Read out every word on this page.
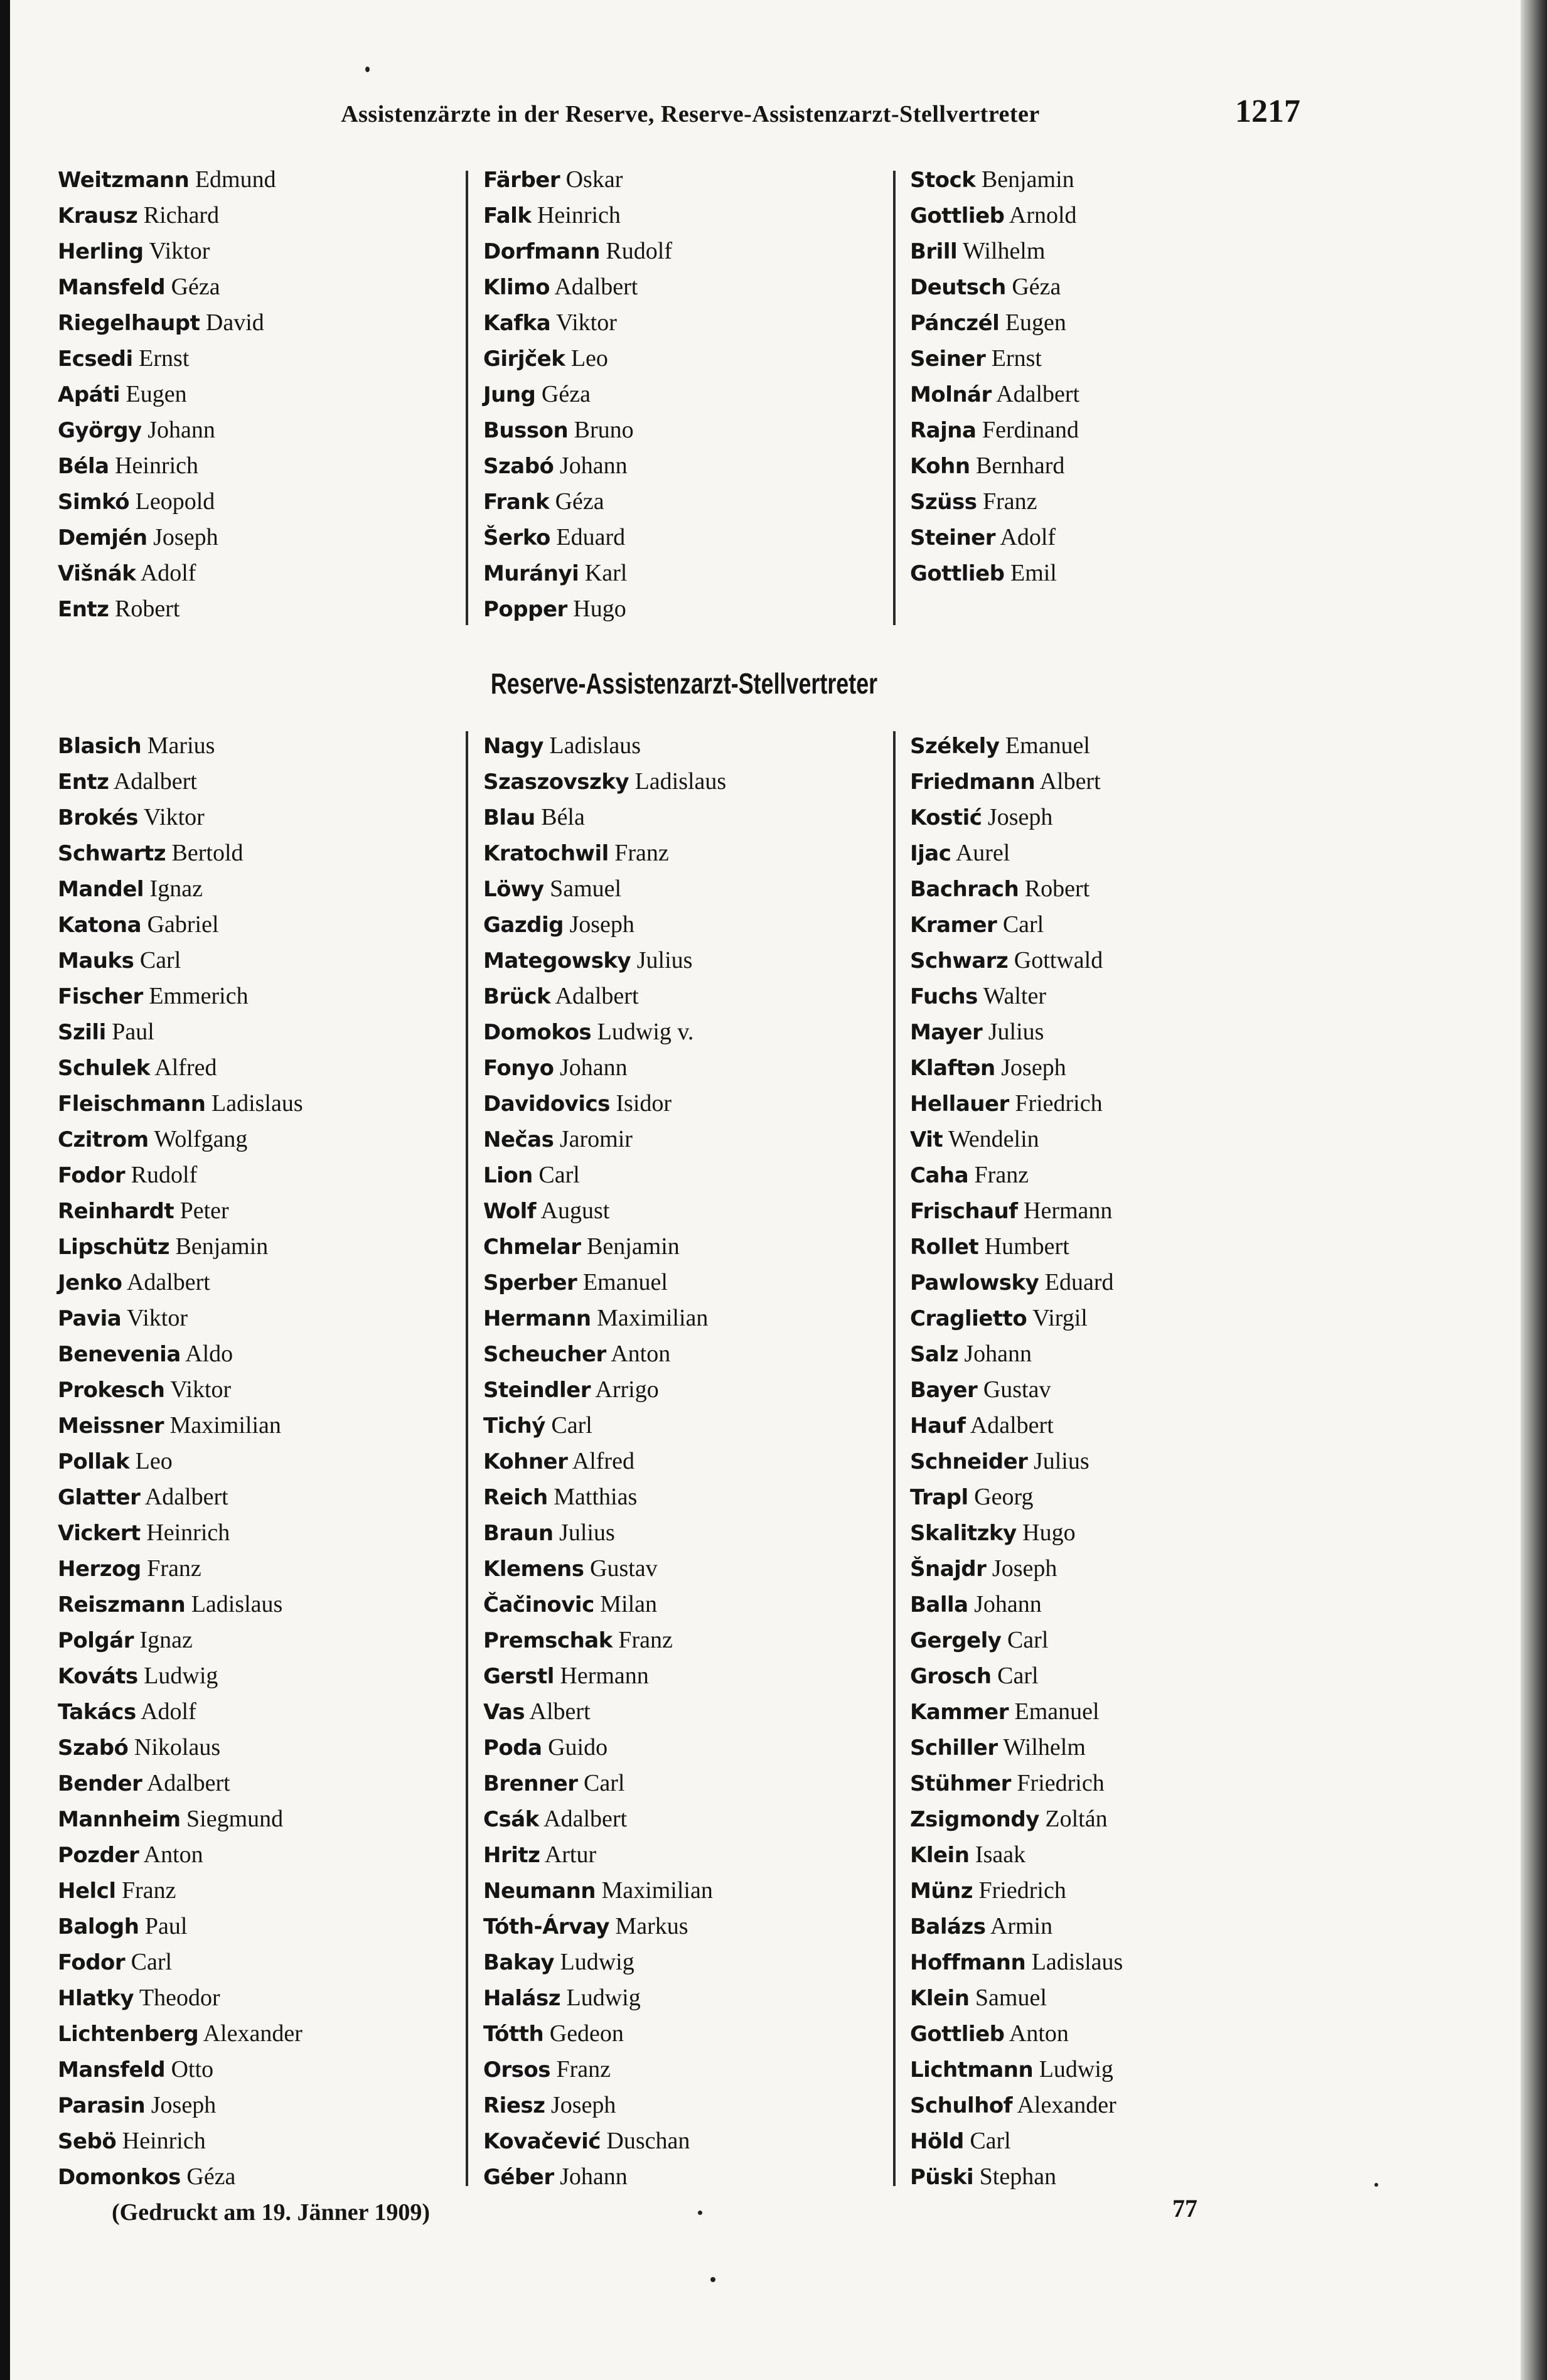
Assistenzärzte in der Reserve, Reserve-Assistenzarzt-Stellvertreter	1217
Weitzmann Edmund
Krausz Richard
Herling Viktor
Mansfeld Géza
Riegelhaupt David
Ecsedi Ernst
Apáti Eugen
György Johann
Béla Heinrich
Simkó Leopold
Demjén Joseph
Višnák Adolf
Entz Robert
Färber Oskar
Falk Heinrich
Dorfmann Rudolf
Klimo Adalbert
Kafka Viktor
Girjček Leo
Jung Géza
Busson Bruno
Szabó Johann
Frank Géza
Šerko Eduard
Murányi Karl
Popper Hugo
Stock Benjamin
Gottlieb Arnold
Brill Wilhelm
Deutsch Géza
Pánczél Eugen
Seiner Ernst
Molnár Adalbert
Rajna Ferdinand
Kohn Bernhard
Szüss Franz
Steiner Adolf
Gottlieb Emil
Reserve-Assistenzarzt-Stellvertreter
Blasich Marius
Entz Adalbert
Brokés Viktor
Schwartz Bertold
Mandel Ignaz
Katona Gabriel
Mauks Carl
Fischer Emmerich
Szili Paul
Schulek Alfred
Fleischmann Ladislaus
Czitrom Wolfgang
Fodor Rudolf
Reinhardt Peter
Lipschütz Benjamin
Jenko Adalbert
Pavia Viktor
Benevenia Aldo
Prokesch Viktor
Meissner Maximilian
Pollak Leo
Glatter Adalbert
Vickert Heinrich
Herzog Franz
Reiszmann Ladislaus
Polgár Ignaz
Kováts Ludwig
Takács Adolf
Szabó Nikolaus
Bender Adalbert
Mannheim Siegmund
Pozder Anton
Helcl Franz
Balogh Paul
Fodor Carl
Hlatky Theodor
Lichtenberg Alexander
Mansfeld Otto
Parasin Joseph
Sebö Heinrich
Domonkos Géza
Nagy Ladislaus
Szaszovszky Ladislaus
Blau Béla
Kratochwil Franz
Löwy Samuel
Gazdig Joseph
Mategowsky Julius
Brück Adalbert
Domokos Ludwig v.
Fonyo Johann
Davidovics Isidor
Nečas Jaromir
Lion Carl
Wolf August
Chmelar Benjamin
Sperber Emanuel
Hermann Maximilian
Scheucher Anton
Steindler Arrigo
Tichý Carl
Kohner Alfred
Reich Matthias
Braun Julius
Klemens Gustav
Čačinovic Milan
Premschak Franz
Gerstl Hermann
Vas Albert
Poda Guido
Brenner Carl
Csák Adalbert
Hritz Artur
Neumann Maximilian
Tóth-Árvay Markus
Bakay Ludwig
Halász Ludwig
Tótth Gedeon
Orsos Franz
Riesz Joseph
Kovačević Duschan
Géber Johann
Székely Emanuel
Friedmann Albert
Kostić Joseph
Ijac Aurel
Bachrach Robert
Kramer Carl
Schwarz Gottwald
Fuchs Walter
Mayer Julius
Klaftən Joseph
Hellauer Friedrich
Vit Wendelin
Caha Franz
Frischauf Hermann
Rollet Humbert
Pawlowsky Eduard
Craglietto Virgil
Salz Johann
Bayer Gustav
Hauf Adalbert
Schneider Julius
Trapl Georg
Skalitzky Hugo
Šnajdr Joseph
Balla Johann
Gergely Carl
Grosch Carl
Kammer Emanuel
Schiller Wilhelm
Stühmer Friedrich
Zsigmondy Zoltán
Klein Isaak
Münz Friedrich
Balázs Armin
Hoffmann Ladislaus
Klein Samuel
Gottlieb Anton
Lichtmann Ludwig
Schulhof Alexander
Höld Carl
Püski Stephan
(Gedruckt am 19. Jänner 1909)	77
